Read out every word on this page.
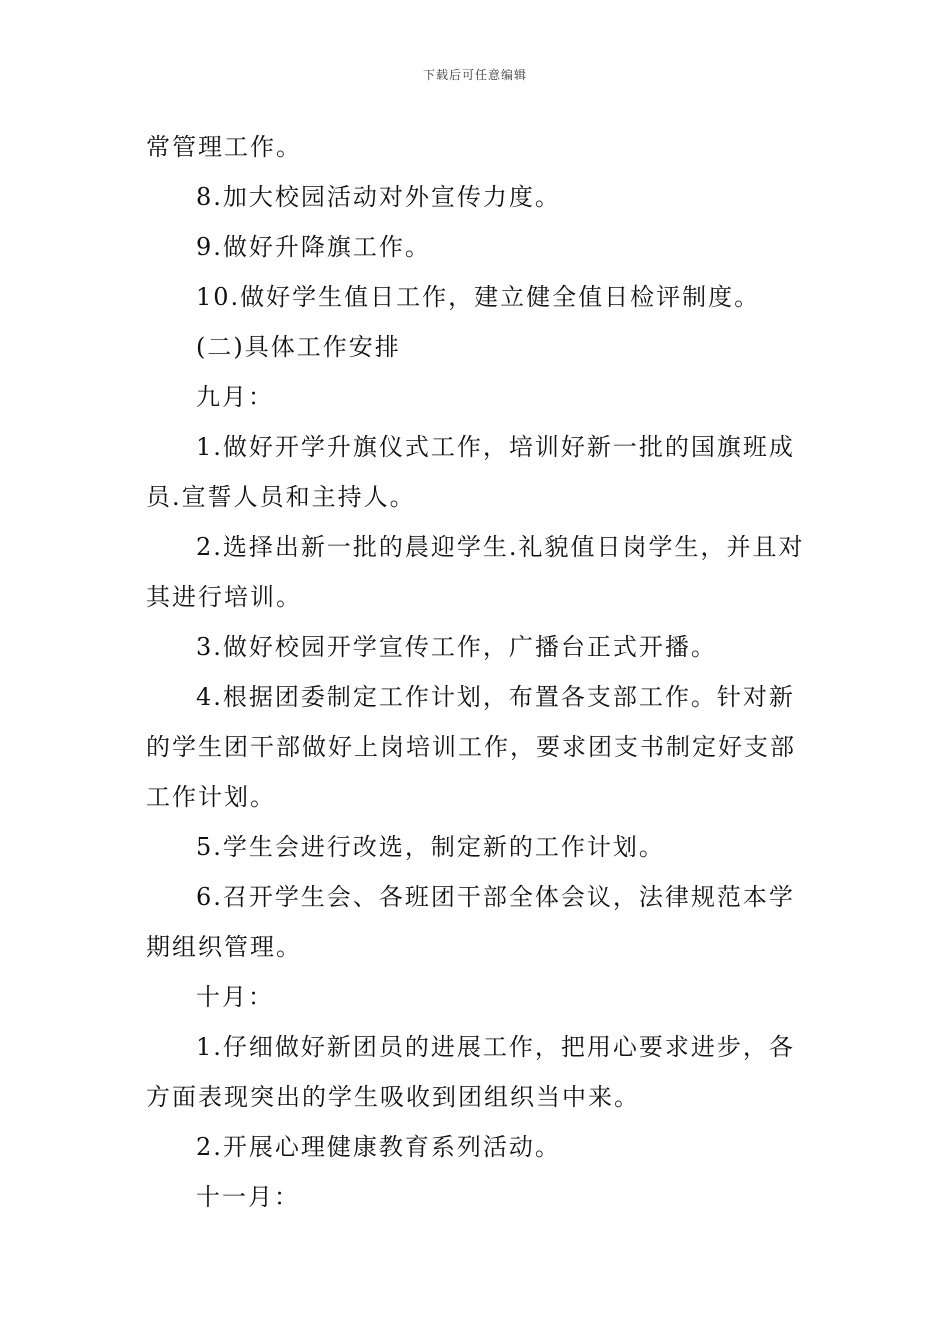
下载后可任意编辑

常管理工作。

8.加大校园活动对外宣传力度。

9.做好升降旗工作。

10.做好学生值日工作，建立健全值日检评制度。

(二)具体工作安排

九月：

1.做好开学升旗仪式工作，培训好新一批的国旗班成员.宣誓人员和主持人。

2.选择出新一批的晨迎学生.礼貌值日岗学生，并且对其进行培训。

3.做好校园开学宣传工作，广播台正式开播。

4.根据团委制定工作计划，布置各支部工作。针对新的学生团干部做好上岗培训工作，要求团支书制定好支部工作计划。

5.学生会进行改选，制定新的工作计划。

6.召开学生会、各班团干部全体会议，法律规范本学期组织管理。

十月：

1.仔细做好新团员的进展工作，把用心要求进步，各方面表现突出的学生吸收到团组织当中来。

2.开展心理健康教育系列活动。

十一月：
